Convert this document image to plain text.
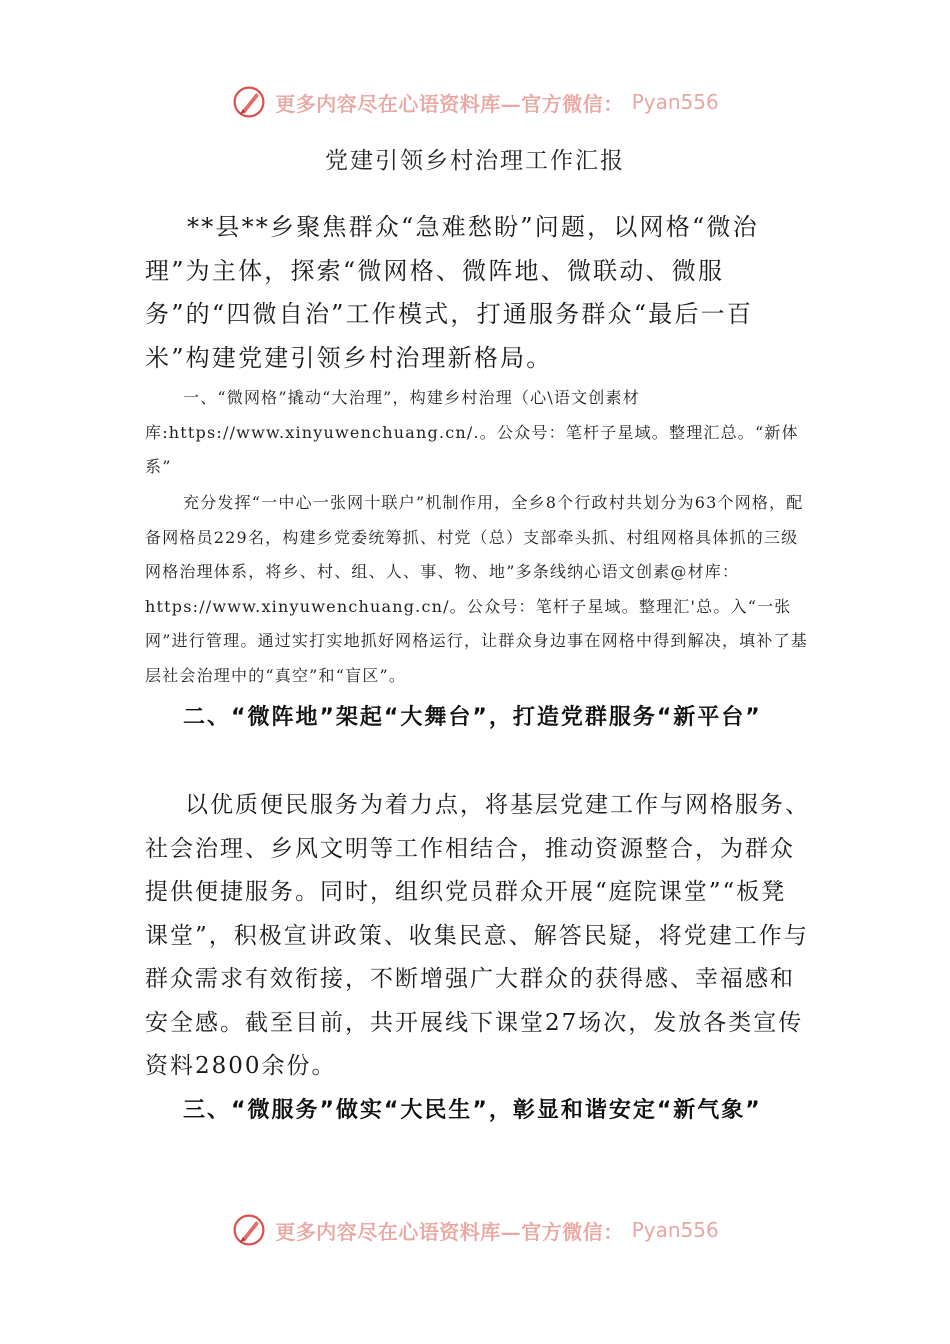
更多内容尽在心语资料库—官方微信： Pyan556
党建引领乡村治理工作汇报

**县**乡聚焦群众“急难愁盼”问题，以网格“微治理”为主体，探索“微网格、微阵地、微联动、微服务”的“四微自治”工作模式，打通服务群众“最后一百米”构建党建引领乡村治理新格局。

一、“微网格”撬动“大治理”，构建乡村治理（心\语文创素材库:https://www.xinyuwenchuang.cn/.。公众号：笔杆子星域。整理汇总。“新体系”

充分发挥“一中心一张网十联户”机制作用，全乡8个行政村共划分为63个网格，配备网格员229名，构建乡党委统筹抓、村党（总）支部牵头抓、村组网格具体抓的三级网格治理体系，将乡、村、组、人、事、物、地”多条线纳心语文创素@材库：https://www.xinyuwenchuang.cn/。公众号：笔杆子星域。整理汇'总。入“一张网”进行管理。通过实打实地抓好网格运行，让群众身边事在网格中得到解决，填补了基层社会治理中的“真空”和“盲区”。

二、“微阵地”架起“大舞台”，打造党群服务“新平台”

以优质便民服务为着力点，将基层党建工作与网格服务、社会治理、乡风文明等工作相结合，推动资源整合，为群众提供便捷服务。同时，组织党员群众开展“庭院课堂”“板凳课堂”，积极宣讲政策、收集民意、解答民疑，将党建工作与群众需求有效衔接，不断增强广大群众的获得感、幸福感和安全感。截至目前，共开展线下课堂27场次，发放各类宣传资料2800余份。

三、“微服务”做实“大民生”，彰显和谐安定“新气象”

更多内容尽在心语资料库—官方微信： Pyan556
